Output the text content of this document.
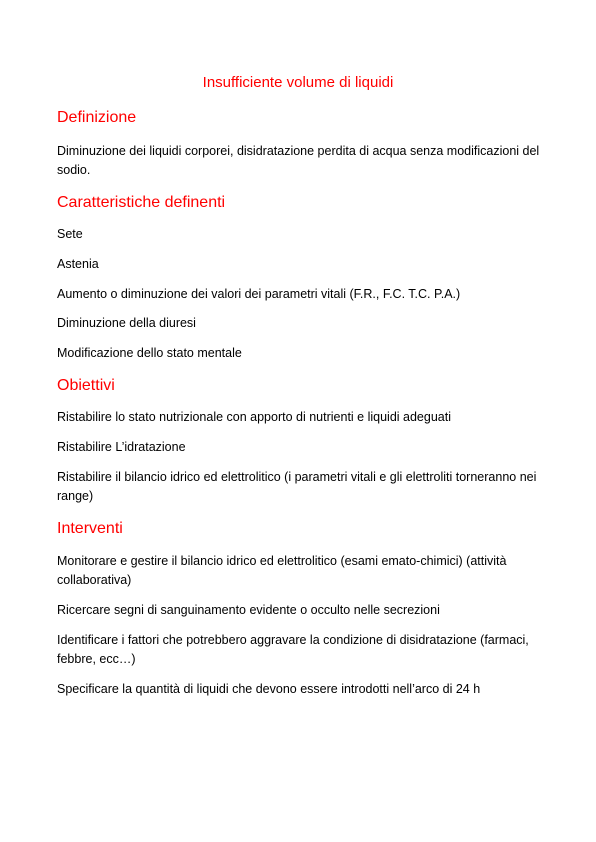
Insufficiente volume di liquidi
Definizione
Diminuzione dei liquidi corporei, disidratazione perdita di acqua senza modificazioni del sodio.
Caratteristiche definenti
Sete
Astenia
Aumento o diminuzione dei valori dei parametri vitali (F.R., F.C. T.C. P.A.)
Diminuzione della diuresi
Modificazione dello stato mentale
Obiettivi
Ristabilire lo stato nutrizionale con apporto di nutrienti e liquidi adeguati
Ristabilire L’idratazione
Ristabilire il bilancio idrico ed elettrolitico (i parametri vitali e gli elettroliti torneranno nei range)
Interventi
Monitorare e gestire il bilancio idrico ed elettrolitico (esami emato-chimici) (attività collaborativa)
Ricercare segni di sanguinamento evidente o occulto nelle secrezioni
Identificare i fattori che potrebbero aggravare la condizione di disidratazione (farmaci, febbre, ecc…)
Specificare la quantità di liquidi che devono essere introdotti nell’arco di 24 h
